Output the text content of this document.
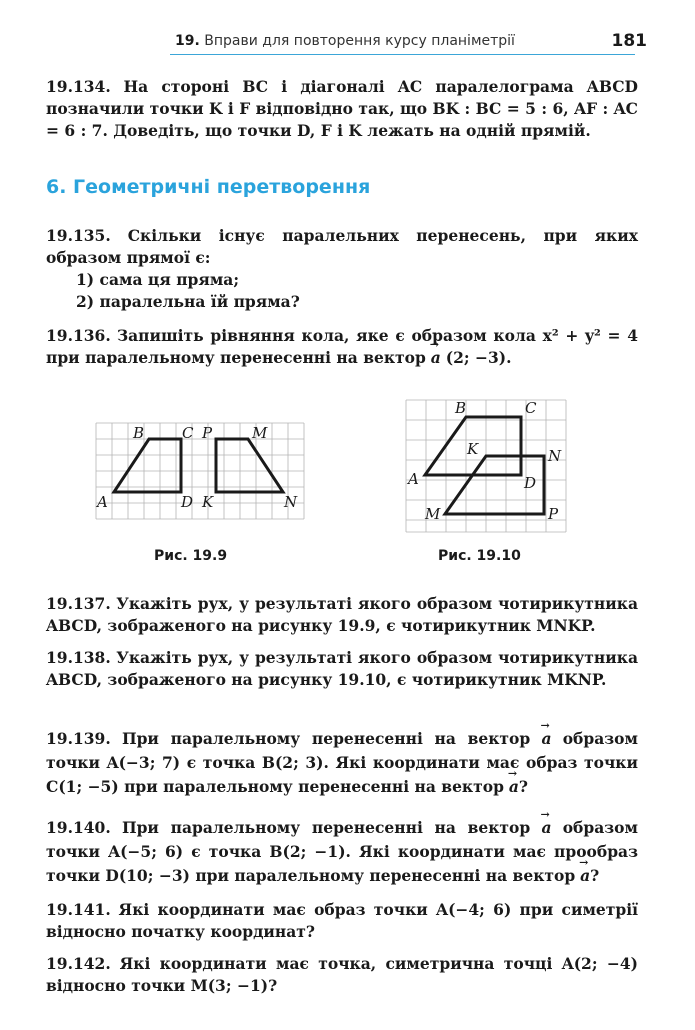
19. Вправи для повторення курсу планіметрії	181
19.134. На стороні BC і діагоналі AC паралелограма ABCD позначили точки K і F відповідно так, що BK : BC = 5 : 6, AF : AC = 6 : 7. Доведіть, що точки D, F і K лежать на одній прямій.
6. Геометричні перетворення
19.135. Скільки існує паралельних перенесень, при яких образом прямої є:
1) сама ця пряма;
2) паралельна їй пряма?
19.136. Запишіть рівняння кола, яке є образом кола x² + y² = 4 при паралельному перенесенні на вектор → a (2; −3).
A
B	C
D
P	M
K	N
Рис. 19.9
B	C
K	N
A	D
M	P
Рис. 19.10
19.137. Укажіть рух, у результаті якого образом чотирикутника ABCD, зображеного на рисунку 19.9, є чотирикутник MNKP.
19.138. Укажіть рух, у результаті якого образом чотирикутника ABCD, зображеного на рисунку 19.10, є чотирикутник MKNP.
19.139. При паралельному перенесенні на вектор → a образом точки A(−3; 7) є точка B(2; 3). Які координати має образ точки C(1; −5) при паралельному перенесенні на вектор → a?
19.140. При паралельному перенесенні на вектор → a образом точки A(−5; 6) є точка B(2; −1). Які координати має прообраз точки D(10; −3) при паралельному перенесенні на вектор → a?
19.141. Які координати має образ точки A(−4; 6) при симетрії відносно початку координат?
19.142. Які координати має точка, симетрична точці A(2; −4) відносно точки M(3; −1)?
